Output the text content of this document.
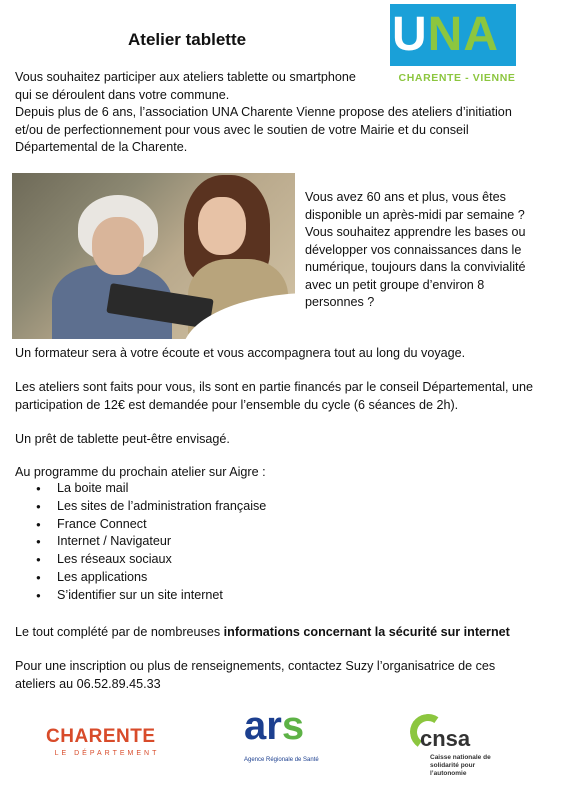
Atelier tablette	UNA
CHARENTE - VIENNE
Vous souhaitez participer aux ateliers tablette ou smartphone
qui se déroulent dans votre commune.
Depuis plus de 6 ans, l’association UNA Charente Vienne propose des ateliers d’initiation
et/ou de perfectionnement pour vous avec le soutien de votre Mairie et du conseil
Départemental de la Charente.
Vous avez 60 ans et plus, vous êtes
disponible un après-midi par semaine ?
Vous souhaitez apprendre les bases ou
développer vos connaissances dans le
numérique, toujours dans la convivialité
avec un petit groupe d’environ 8
personnes ?
Un formateur sera à votre écoute et vous accompagnera tout au long du voyage.
Les ateliers sont faits pour vous, ils sont en partie financés par le conseil Départemental, une
participation de 12€ est demandée pour l’ensemble du cycle (6 séances de 2h).
Un prêt de tablette peut-être envisagé.
Au programme du prochain atelier sur Aigre :
● La boite mail
● Les sites de l’administration française
● France Connect
● Internet / Navigateur
● Les réseaux sociaux
● Les applications
● S’identifier sur un site internet
Le tout complété par de nombreuses informations concernant la sécurité sur internet
Pour une inscription ou plus de renseignements, contactez Suzy l’organisatrice de ces
ateliers au 06.52.89.45.33
CHARENTE
LE DÉPARTEMENT
ars
Agence Régionale de Santé
cnsa
Caisse nationale de
solidarité pour l’autonomie
